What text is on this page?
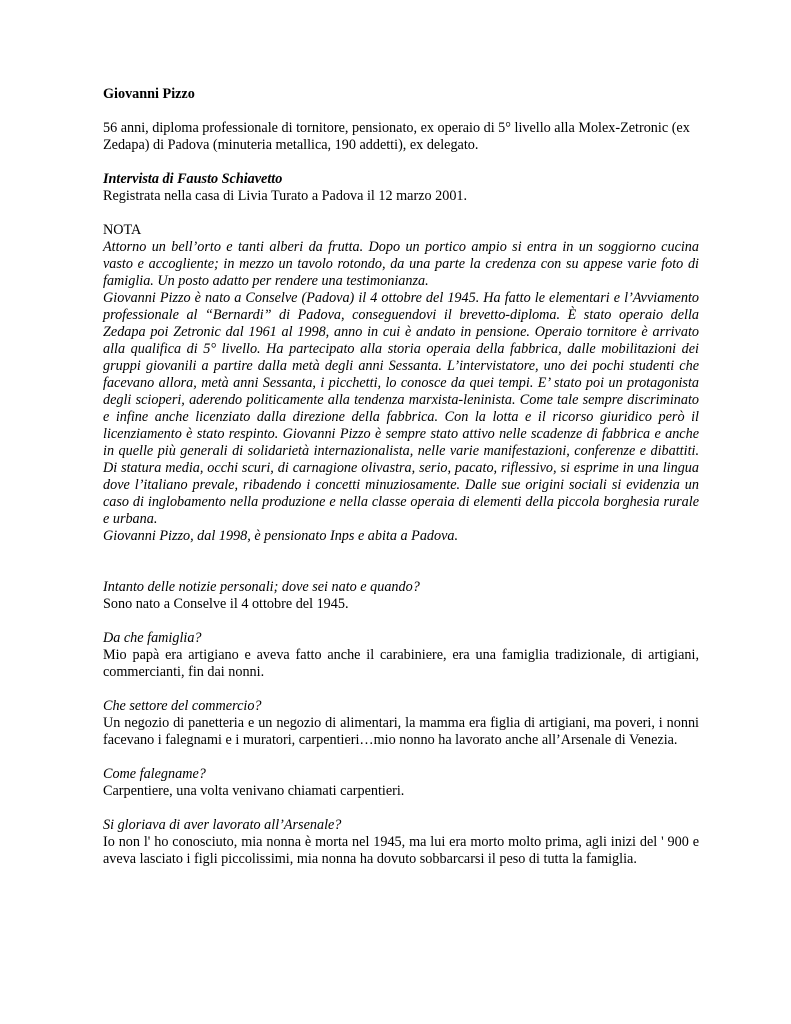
Giovanni Pizzo

56 anni, diploma professionale di tornitore, pensionato, ex operaio di 5° livello alla Molex-Zetronic (ex Zedapa) di Padova (minuteria metallica, 190 addetti), ex delegato.

Intervista di Fausto Schiavetto

Registrata nella casa di Livia Turato a Padova il 12 marzo 2001.

NOTA

Attorno un bell’orto e tanti alberi da frutta. Dopo un portico ampio si entra in un soggiorno cucina vasto e accogliente; in mezzo un tavolo rotondo, da una parte la credenza con su appese varie foto di famiglia. Un posto adatto per rendere una testimonianza.

Giovanni Pizzo è nato a Conselve (Padova) il 4 ottobre del 1945. Ha fatto le elementari e l’Avviamento professionale al “Bernardi” di Padova, conseguendovi il brevetto-diploma. È stato operaio della Zedapa poi Zetronic dal 1961 al 1998, anno in cui è andato in pensione. Operaio tornitore è arrivato alla qualifica di 5° livello. Ha partecipato alla storia operaia della fabbrica, dalle mobilitazioni dei gruppi giovanili a partire dalla metà degli anni Sessanta. L’intervistatore, uno dei pochi studenti che facevano allora, metà anni Sessanta, i picchetti, lo conosce da quei tempi. E’ stato poi un protagonista degli scioperi, aderendo politicamente alla tendenza marxista-leninista. Come tale sempre discriminato e infine anche licenziato dalla direzione della fabbrica. Con la lotta e il ricorso giuridico però il licenziamento è stato respinto. Giovanni Pizzo è sempre stato attivo nelle scadenze di fabbrica e anche in quelle più generali di solidarietà internazionalista, nelle varie manifestazioni, conferenze e dibattiti. Di statura media, occhi scuri, di carnagione olivastra, serio, pacato, riflessivo, si esprime in una lingua dove l’italiano prevale, ribadendo i concetti minuziosamente. Dalle sue origini sociali si evidenzia un caso di inglobamento nella produzione e nella classe operaia di elementi della piccola borghesia rurale e urbana.

Giovanni Pizzo, dal 1998, è pensionato Inps e abita a Padova.

Intanto delle notizie personali; dove sei nato e quando?

Sono nato a Conselve il 4 ottobre del 1945.

Da che famiglia?

Mio papà era artigiano e aveva fatto anche il carabiniere, era una famiglia tradizionale, di artigiani, commercianti, fin dai nonni.

Che settore del commercio?

Un negozio di panetteria e un negozio di alimentari, la mamma era figlia di artigiani, ma poveri, i nonni facevano i falegnami e i muratori, carpentieri…mio nonno ha lavorato anche all’Arsenale di Venezia.

Come falegname?

Carpentiere, una volta venivano chiamati carpentieri.

Si gloriava di aver lavorato all’Arsenale?

Io non l' ho conosciuto, mia nonna è morta nel 1945, ma lui era morto molto prima, agli inizi del ' 900 e aveva lasciato i figli piccolissimi, mia nonna ha dovuto sobbarcarsi il peso di tutta la famiglia.
